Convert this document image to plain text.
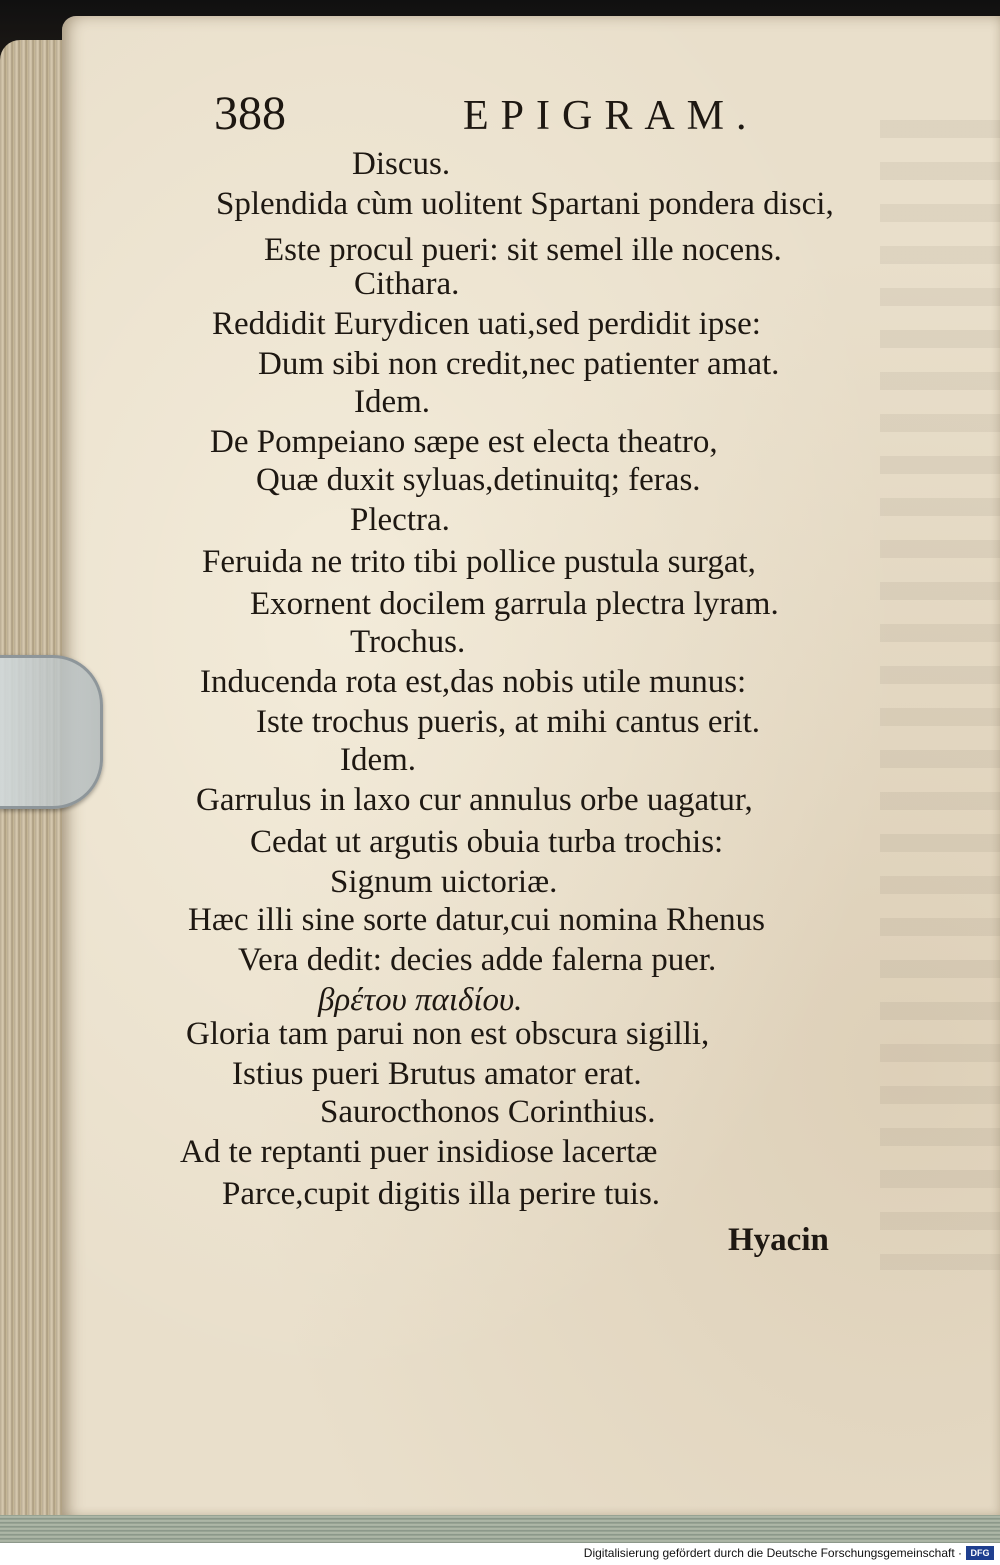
388	EPIGRAM.
Discus.
Splendida cùm uolitent Spartani pondera disci,
Este procul pueri: sit semel ille nocens.
Cithara.
Reddidit Eurydicen uati,sed perdidit ipse:
Dum sibi non credit,nec patienter amat.
Idem.
De Pompeiano sæpe est electa theatro,
Quæ duxit syluas,detinuitq; feras.
Plectra.
Feruida ne trito tibi pollice pustula surgat,
Exornent docilem garrula plectra lyram.
Trochus.
Inducenda rota est,das nobis utile munus:
Iste trochus pueris, at mihi cantus erit.
Idem.
Garrulus in laxo cur annulus orbe uagatur,
Cedat ut argutis obuia turba trochis:
Signum uictoriæ.
Hæc illi sine sorte datur,cui nomina Rhenus
Vera dedit: decies adde falerna puer.
βρέτου παιδίου.
Gloria tam parui non est obscura sigilli,
Istius pueri Brutus amator erat.
Saurocthonos Corinthius.
Ad te reptanti puer insidiose lacertæ
Parce,cupit digitis illa perire tuis.
Hyacin
Digitalisierung gefördert durch die Deutsche Forschungsgemeinschaft · DFG
